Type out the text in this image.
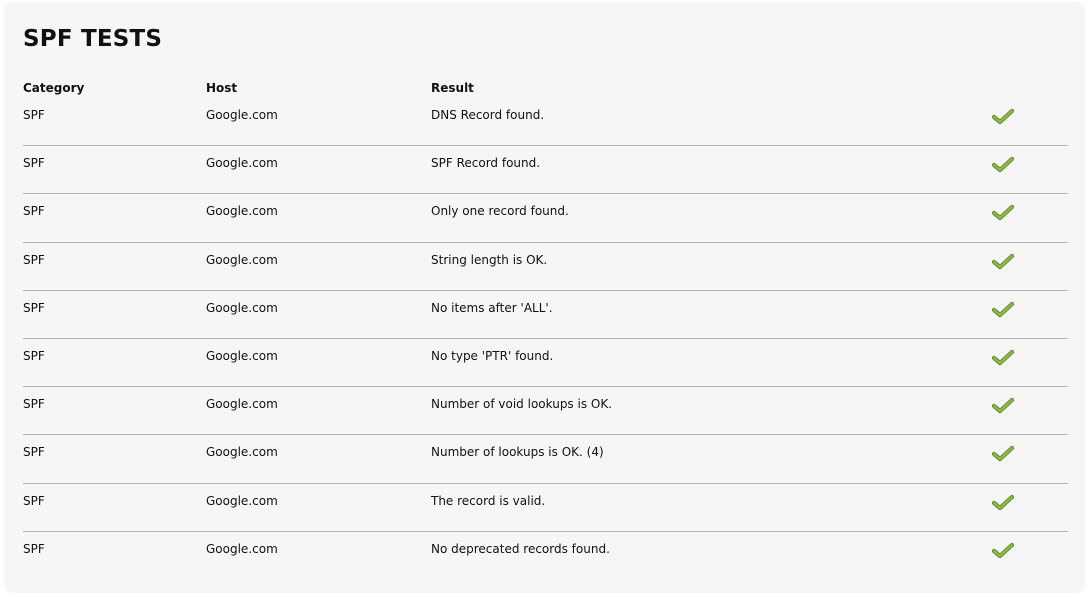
SPF TESTS
Category	Host	Result
SPF	Google.com	DNS Record found.
SPF	Google.com	SPF Record found.
SPF	Google.com	Only one record found.
SPF	Google.com	String length is OK.
SPF	Google.com	No items after 'ALL'.
SPF	Google.com	No type 'PTR' found.
SPF	Google.com	Number of void lookups is OK.
SPF	Google.com	Number of lookups is OK. (4)
SPF	Google.com	The record is valid.
SPF	Google.com	No deprecated records found.
